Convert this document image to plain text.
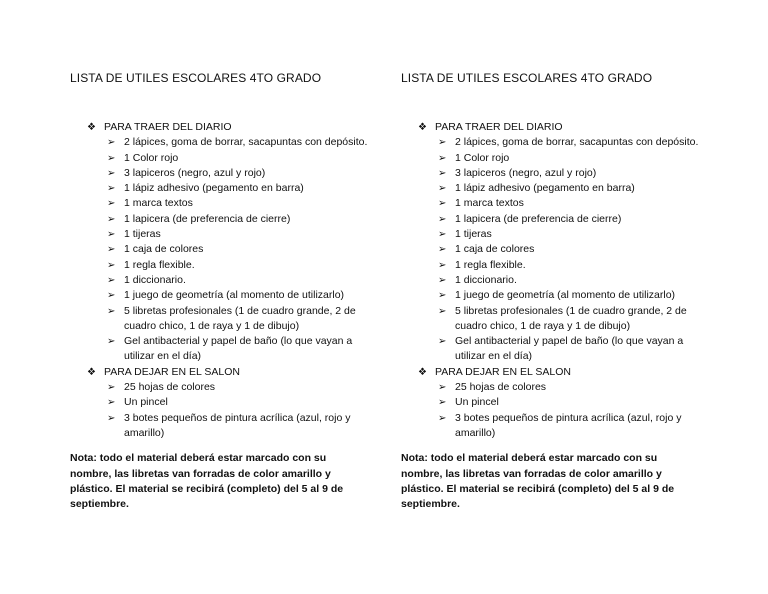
LISTA DE UTILES ESCOLARES 4TO GRADO
❖ PARA TRAER DEL DIARIO
➢ 2 lápices, goma de borrar, sacapuntas con depósito.
➢ 1 Color rojo
➢ 3 lapiceros (negro, azul y rojo)
➢ 1 lápiz adhesivo (pegamento en barra)
➢ 1 marca textos
➢ 1 lapicera (de preferencia de cierre)
➢ 1 tijeras
➢ 1 caja de colores
➢ 1 regla flexible.
➢ 1 diccionario.
➢ 1 juego de geometría (al momento de utilizarlo)
➢ 5 libretas profesionales (1 de cuadro grande, 2 de cuadro chico, 1 de raya y 1 de dibujo)
➢ Gel antibacterial y papel de baño (lo que vayan a utilizar en el día)
❖ PARA DEJAR EN EL SALON
➢ 25 hojas de colores
➢ Un pincel
➢ 3 botes pequeños de pintura acrílica (azul, rojo y amarillo)
Nota: todo el material deberá estar marcado con su nombre, las libretas van forradas de color amarillo y plástico. El material se recibirá (completo) del 5 al 9 de septiembre.
LISTA DE UTILES ESCOLARES 4TO GRADO
❖ PARA TRAER DEL DIARIO
➢ 2 lápices, goma de borrar, sacapuntas con depósito.
➢ 1 Color rojo
➢ 3 lapiceros (negro, azul y rojo)
➢ 1 lápiz adhesivo (pegamento en barra)
➢ 1 marca textos
➢ 1 lapicera (de preferencia de cierre)
➢ 1 tijeras
➢ 1 caja de colores
➢ 1 regla flexible.
➢ 1 diccionario.
➢ 1 juego de geometría (al momento de utilizarlo)
➢ 5 libretas profesionales (1 de cuadro grande, 2 de cuadro chico, 1 de raya y 1 de dibujo)
➢ Gel antibacterial y papel de baño (lo que vayan a utilizar en el día)
❖ PARA DEJAR EN EL SALON
➢ 25 hojas de colores
➢ Un pincel
➢ 3 botes pequeños de pintura acrílica (azul, rojo y amarillo)
Nota: todo el material deberá estar marcado con su nombre, las libretas van forradas de color amarillo y plástico. El material se recibirá (completo) del 5 al 9 de septiembre.
